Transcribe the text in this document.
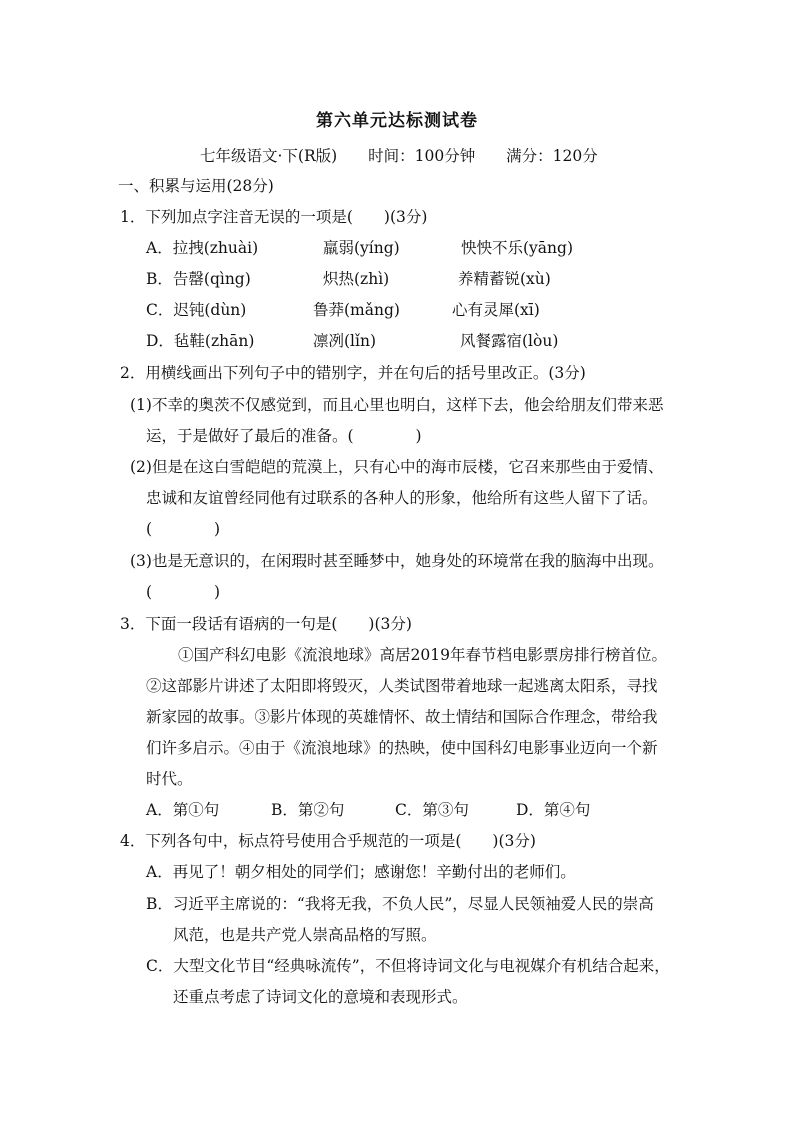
第六单元达标测试卷
七年级语文·下(R版) 时间：100分钟 满分：120分
一、积累与运用(28分)
1．下列加点字注音无误的一项是(　　)(3分)
A．拉拽(zhuài)	羸弱(yíng)	怏怏不乐(yāng)
B．告罄(qìng)	炽热(zhì)	养精蓄锐(xù)
C．迟钝(dùn)	鲁莽(mǎng)	心有灵犀(xī)
D．毡鞋(zhān)	凛冽(lǐn)	风餐露宿(lòu)
2．用横线画出下列句子中的错别字，并在句后的括号里改正。(3分)
(1)不幸的奥茨不仅感觉到，而且心里也明白，这样下去，他会给朋友们带来恶
运，于是做好了最后的准备。(　　　　)
(2)但是在这白雪皑皑的荒漠上，只有心中的海市辰楼，它召来那些由于爱情、
忠诚和友谊曾经同他有过联系的各种人的形象，他给所有这些人留下了话。
(　　　　)
(3)也是无意识的，在闲瑕时甚至睡梦中，她身处的环境常在我的脑海中出现。
(　　　　)
3．下面一段话有语病的一句是(　　)(3分)
①国产科幻电影《流浪地球》高居2019年春节档电影票房排行榜首位。
②这部影片讲述了太阳即将毁灭，人类试图带着地球一起逃离太阳系，寻找
新家园的故事。③影片体现的英雄情怀、故土情结和国际合作理念，带给我
们许多启示。④由于《流浪地球》的热映，使中国科幻电影事业迈向一个新
时代。
A．第①句	B．第②句	C．第③句	D．第④句
4．下列各句中，标点符号使用合乎规范的一项是(　　)(3分)
A．再见了！朝夕相处的同学们；感谢您！辛勤付出的老师们。
B．习近平主席说的：“我将无我，不负人民”，尽显人民领袖爱人民的崇高
风范，也是共产党人崇高品格的写照。
C．大型文化节目“经典咏流传”，不但将诗词文化与电视媒介有机结合起来，
还重点考虑了诗词文化的意境和表现形式。
